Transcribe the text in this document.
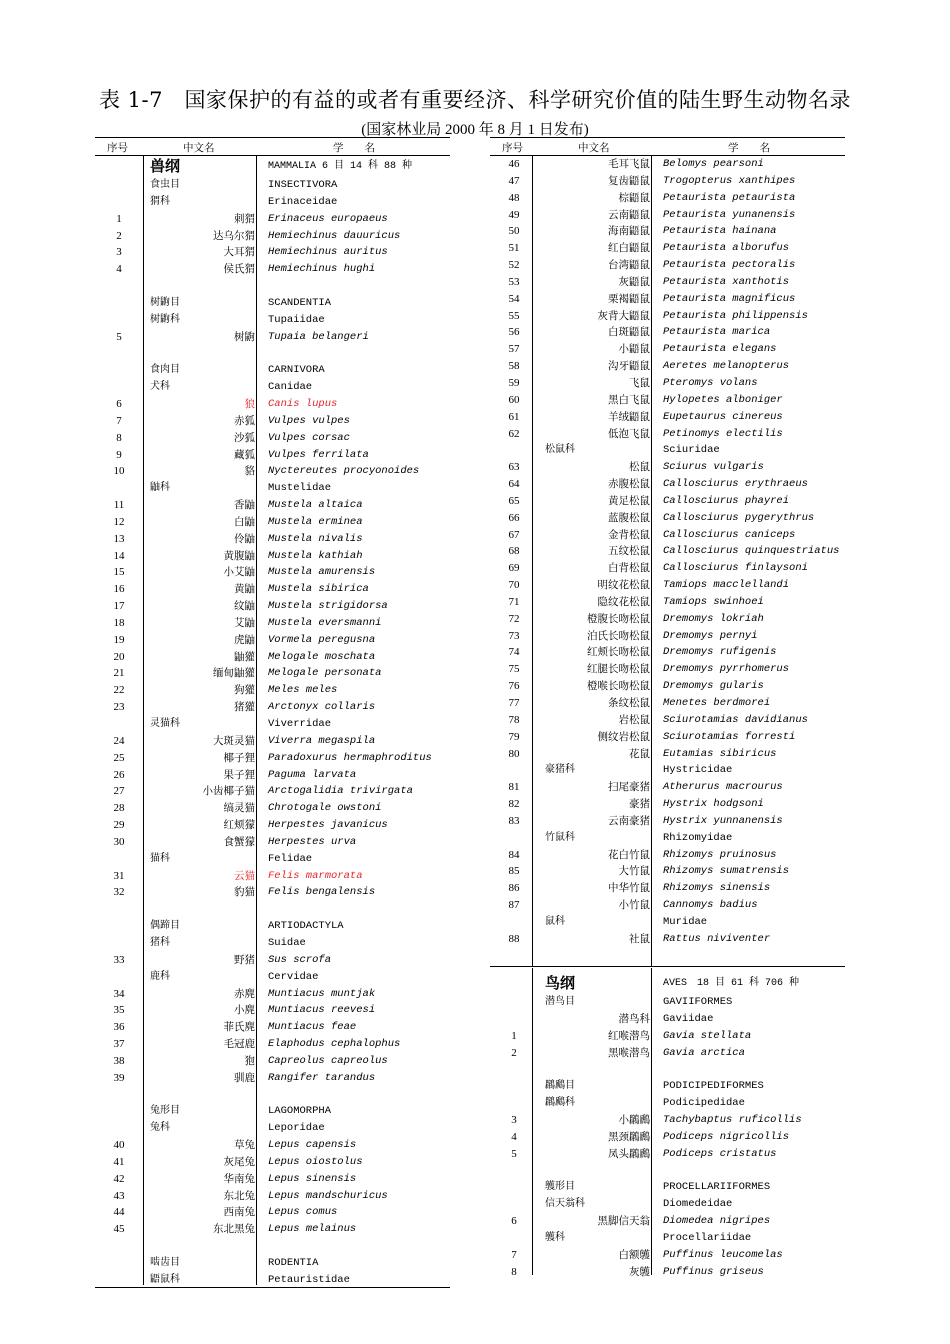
表 1-7　国家保护的有益的或者有重要经济、科学研究价值的陆生野生动物名录
(国家林业局 2000 年 8 月 1 日发布)
序号	中文名	学　　名
兽纲	MAMMALIA 6 目 14 科 88 种
食虫目	INSECTIVORA
猬科	Erinaceidae
1	刺猬 Erinaceus europaeus
2	达乌尔猬 Hemiechinus dauuricus
3	大耳猬 Hemiechinus auritus
4	侯氏猬 Hemiechinus hughi
树鼩目	SCANDENTIA
树鼩科	Tupaiidae
5	树鼩 Tupaia belangeri
食肉目	CARNIVORA
犬科	Canidae
6	狼 Canis lupus
7	赤狐 Vulpes vulpes
8	沙狐 Vulpes corsac
9	藏狐 Vulpes ferrilata
10	貉 Nyctereutes procyonoides
鼬科	Mustelidae
11	香鼬 Mustela altaica
12	白鼬 Mustela erminea
13	伶鼬 Mustela nivalis
14	黄腹鼬 Mustela kathiah
15	小艾鼬 Mustela amurensis
16	黄鼬 Mustela sibirica
17	纹鼬 Mustela strigidorsa
18	艾鼬 Mustela eversmanni
19	虎鼬 Vormela peregusna
20	鼬獾 Melogale moschata
21	缅甸鼬獾 Melogale personata
22	狗獾 Meles meles
23	猪獾 Arctonyx collaris
灵猫科	Viverridae
24	大斑灵猫 Viverra megaspila
25	椰子狸 Paradoxurus hermaphroditus
26	果子狸 Paguma larvata
27	小齿椰子猫 Arctogalidia trivirgata
28	缟灵猫 Chrotogale owstoni
29	红颊獴 Herpestes javanicus
30	食蟹獴 Herpestes urva
猫科	Felidae
31	云猫 Felis marmorata
32	豹猫 Felis bengalensis
偶蹄目	ARTIODACTYLA
猪科	Suidae
33	野猪 Sus scrofa
鹿科	Cervidae
34	赤麂 Muntiacus muntjak
35	小麂 Muntiacus reevesi
36	菲氏麂 Muntiacus feae
37	毛冠鹿 Elaphodus cephalophus
38	狍 Capreolus capreolus
39	驯鹿 Rangifer tarandus
兔形目	LAGOMORPHA
兔科	Leporidae
40	草兔 Lepus capensis
41	灰尾兔 Lepus oiostolus
42	华南兔 Lepus sinensis
43	东北兔 Lepus mandschuricus
44	西南兔 Lepus comus
45	东北黑兔 Lepus melainus
啮齿目	RODENTIA
鼯鼠科	Petauristidae
序号	中文名	学　　名
46	毛耳飞鼠 Belomys pearsoni
47	复齿鼯鼠 Trogopterus xanthipes
48	棕鼯鼠 Petaurista petaurista
49	云南鼯鼠 Petaurista yunanensis
50	海南鼯鼠 Petaurista hainana
51	红白鼯鼠 Petaurista alborufus
52	台湾鼯鼠 Petaurista pectoralis
53	灰鼯鼠 Petaurista xanthotis
54	栗褐鼯鼠 Petaurista magnificus
55	灰背大鼯鼠 Petaurista philippensis
56	白斑鼯鼠 Petaurista marica
57	小鼯鼠 Petaurista elegans
58	沟牙鼯鼠 Aeretes melanopterus
59	飞鼠 Pteromys volans
60	黑白飞鼠 Hylopetes alboniger
61	羊绒鼯鼠 Eupetaurus cinereus
62	低泡飞鼠 Petinomys electilis
松鼠科	Sciuridae
63	松鼠 Sciurus vulgaris
64	赤腹松鼠 Callosciurus erythraeus
65	黄足松鼠 Callosciurus phayrei
66	蓝腹松鼠 Callosciurus pygerythrus
67	金背松鼠 Callosciurus caniceps
68	五纹松鼠 Callosciurus quinquestriatus
69	白背松鼠 Callosciurus finlaysoni
70	明纹花松鼠 Tamiops macclellandi
71	隐纹花松鼠 Tamiops swinhoei
72	橙腹长吻松鼠 Dremomys lokriah
73	泊氏长吻松鼠 Dremomys pernyi
74	红颊长吻松鼠 Dremomys rufigenis
75	红腿长吻松鼠 Dremomys pyrrhomerus
76	橙喉长吻松鼠 Dremomys gularis
77	条纹松鼠 Menetes berdmorei
78	岩松鼠 Sciurotamias davidianus
79	侧纹岩松鼠 Sciurotamias forresti
80	花鼠 Eutamias sibiricus
豪猪科	Hystricidae
81	扫尾豪猪 Atherurus macrourus
82	豪猪 Hystrix hodgsoni
83	云南豪猪 Hystrix yunnanensis
竹鼠科	Rhizomyidae
84	花白竹鼠 Rhizomys pruinosus
85	大竹鼠 Rhizomys sumatrensis
86	中华竹鼠 Rhizomys sinensis
87	小竹鼠 Cannomys badius
鼠科	Muridae
88	社鼠 Rattus niviventer
鸟纲	AVES　18 目 61 科 706 种
潜鸟目	GAVIIFORMES
潜鸟科 Gaviidae
1	红喉潜鸟 Gavia stellata
2	黑喉潜鸟 Gavia arctica
鸊鷉目	PODICIPEDIFORMES
鸊鷉科	Podicipedidae
3	小鸊鷉 Tachybaptus ruficollis
4	黑颈鸊鷉 Podiceps nigricollis
5	凤头鸊鷉 Podiceps cristatus
鹱形目	PROCELLARIIFORMES
信天翁科	Diomedeidae
6	黑脚信天翁 Diomedea nigripes
鹱科	Procellariidae
7	白额鹱 Puffinus leucomelas
8	灰鹱 Puffinus griseus
